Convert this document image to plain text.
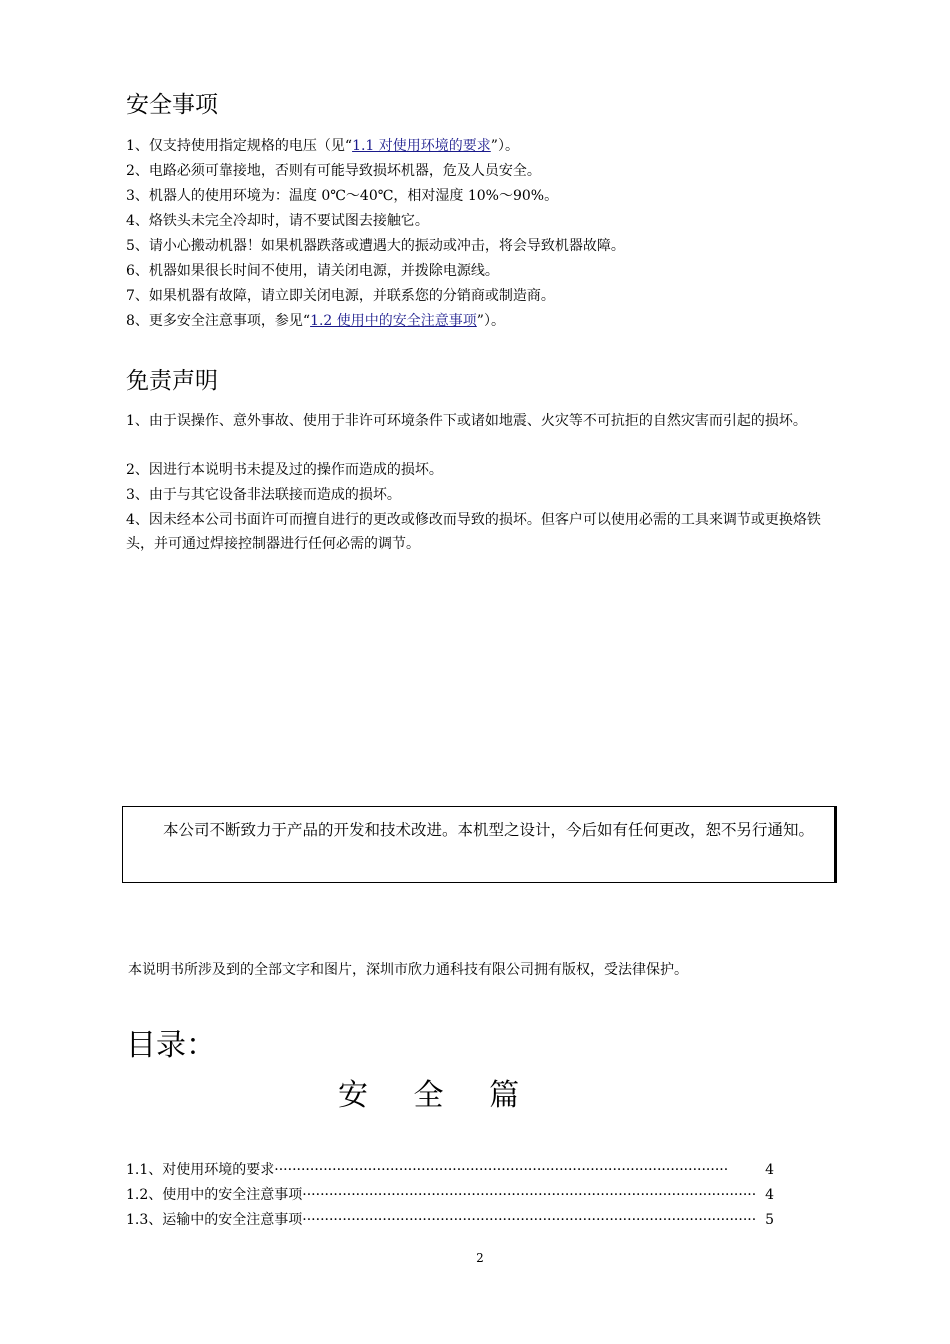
安全事项
1、仅支持使用指定规格的电压（见“1.1 对使用环境的要求”）。
2、电路必须可靠接地，否则有可能导致损坏机器，危及人员安全。
3、机器人的使用环境为：温度 0℃～40℃，相对湿度 10%～90%。
4、烙铁头未完全冷却时，请不要试图去接触它。
5、请小心搬动机器！如果机器跌落或遭遇大的振动或冲击，将会导致机器故障。
6、机器如果很长时间不使用，请关闭电源，并拨除电源线。
7、如果机器有故障，请立即关闭电源，并联系您的分销商或制造商。
8、更多安全注意事项，参见“1.2 使用中的安全注意事项”）。
免责声明

1、由于误操作、意外事故、使用于非许可环境条件下或诸如地震、火灾等不可抗拒的自然灾害而引起的损坏。

2、因进行本说明书未提及过的操作而造成的损坏。

3、由于与其它设备非法联接而造成的损坏。

4、因未经本公司书面许可而擅自进行的更改或修改而导致的损坏。但客户可以使用必需的工具来调节或更换烙铁头，并可通过焊接控制器进行任何必需的调节。

本公司不断致力于产品的开发和技术改进。本机型之设计，今后如有任何更改，恕不另行通知。

本说明书所涉及到的全部文字和图片，深圳市欣力通科技有限公司拥有版权，受法律保护。
目录：
安 全 篇
1.1、对使用环境的要求 ·····	4
1.2、使用中的安全注意事项 ·····	4
1.3、运输中的安全注意事项 ·····	5
2
